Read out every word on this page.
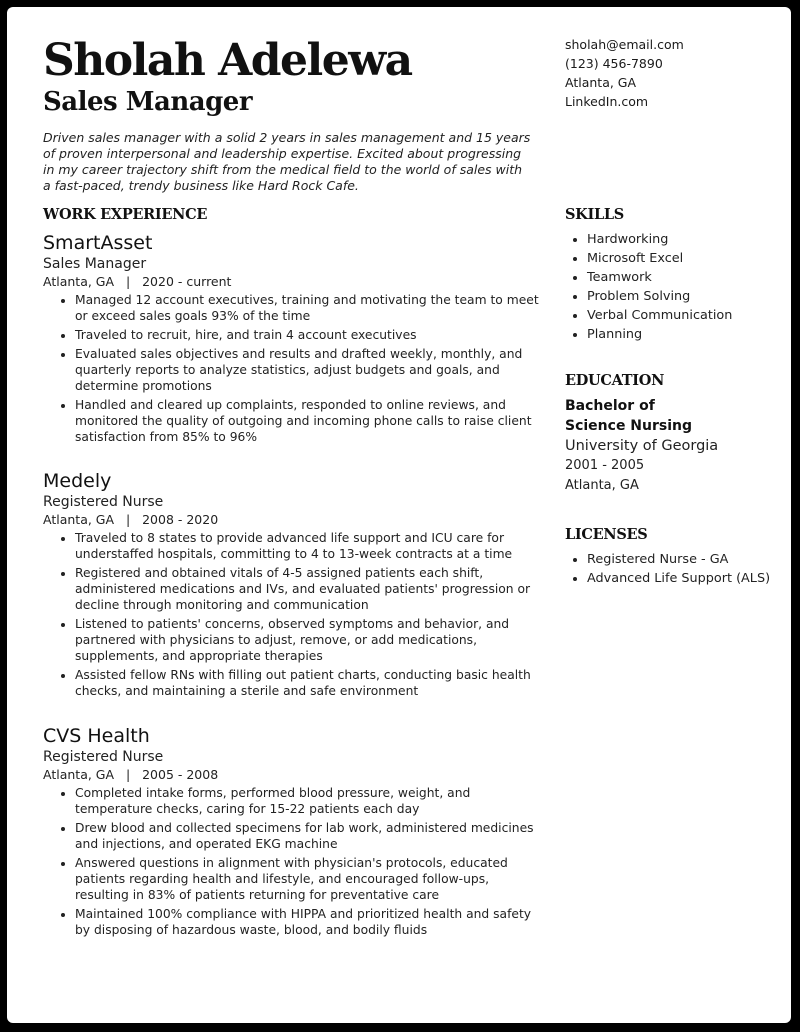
Sholah Adelewa
Sales Manager

Driven sales manager with a solid 2 years in sales management and 15 years of proven interpersonal and leadership expertise. Excited about progressing in my career trajectory shift from the medical field to the world of sales with a fast-paced, trendy business like Hard Rock Cafe.

sholah@email.com
(123) 456-7890
Atlanta, GA
LinkedIn.com
WORK EXPERIENCE

SmartAsset

Sales Manager

Atlanta, GA   |   2020 - current

• Managed 12 account executives, training and motivating the team to meet or exceed sales goals 93% of the time
• Traveled to recruit, hire, and train 4 account executives
• Evaluated sales objectives and results and drafted weekly, monthly, and quarterly reports to analyze statistics, adjust budgets and goals, and determine promotions
• Handled and cleared up complaints, responded to online reviews, and monitored the quality of outgoing and incoming phone calls to raise client satisfaction from 85% to 96%

Medely

Registered Nurse

Atlanta, GA   |   2008 - 2020

• Traveled to 8 states to provide advanced life support and ICU care for understaffed hospitals, committing to 4 to 13-week contracts at a time
• Registered and obtained vitals of 4-5 assigned patients each shift, administered medications and IVs, and evaluated patients' progression or decline through monitoring and communication
• Listened to patients' concerns, observed symptoms and behavior, and partnered with physicians to adjust, remove, or add medications, supplements, and appropriate therapies
• Assisted fellow RNs with filling out patient charts, conducting basic health checks, and maintaining a sterile and safe environment

CVS Health

Registered Nurse

Atlanta, GA   |   2005 - 2008

• Completed intake forms, performed blood pressure, weight, and temperature checks, caring for 15-22 patients each day
• Drew blood and collected specimens for lab work, administered medicines and injections, and operated EKG machine
• Answered questions in alignment with physician's protocols, educated patients regarding health and lifestyle, and encouraged follow-ups, resulting in 83% of patients returning for preventative care
• Maintained 100% compliance with HIPPA and prioritized health and safety by disposing of hazardous waste, blood, and bodily fluids
SKILLS
• Hardworking
• Microsoft Excel
• Teamwork
• Problem Solving
• Verbal Communication
• Planning
EDUCATION

Bachelor of Science Nursing

University of Georgia

2001 - 2005

Atlanta, GA

LICENSES
• Registered Nurse - GA
• Advanced Life Support (ALS)
